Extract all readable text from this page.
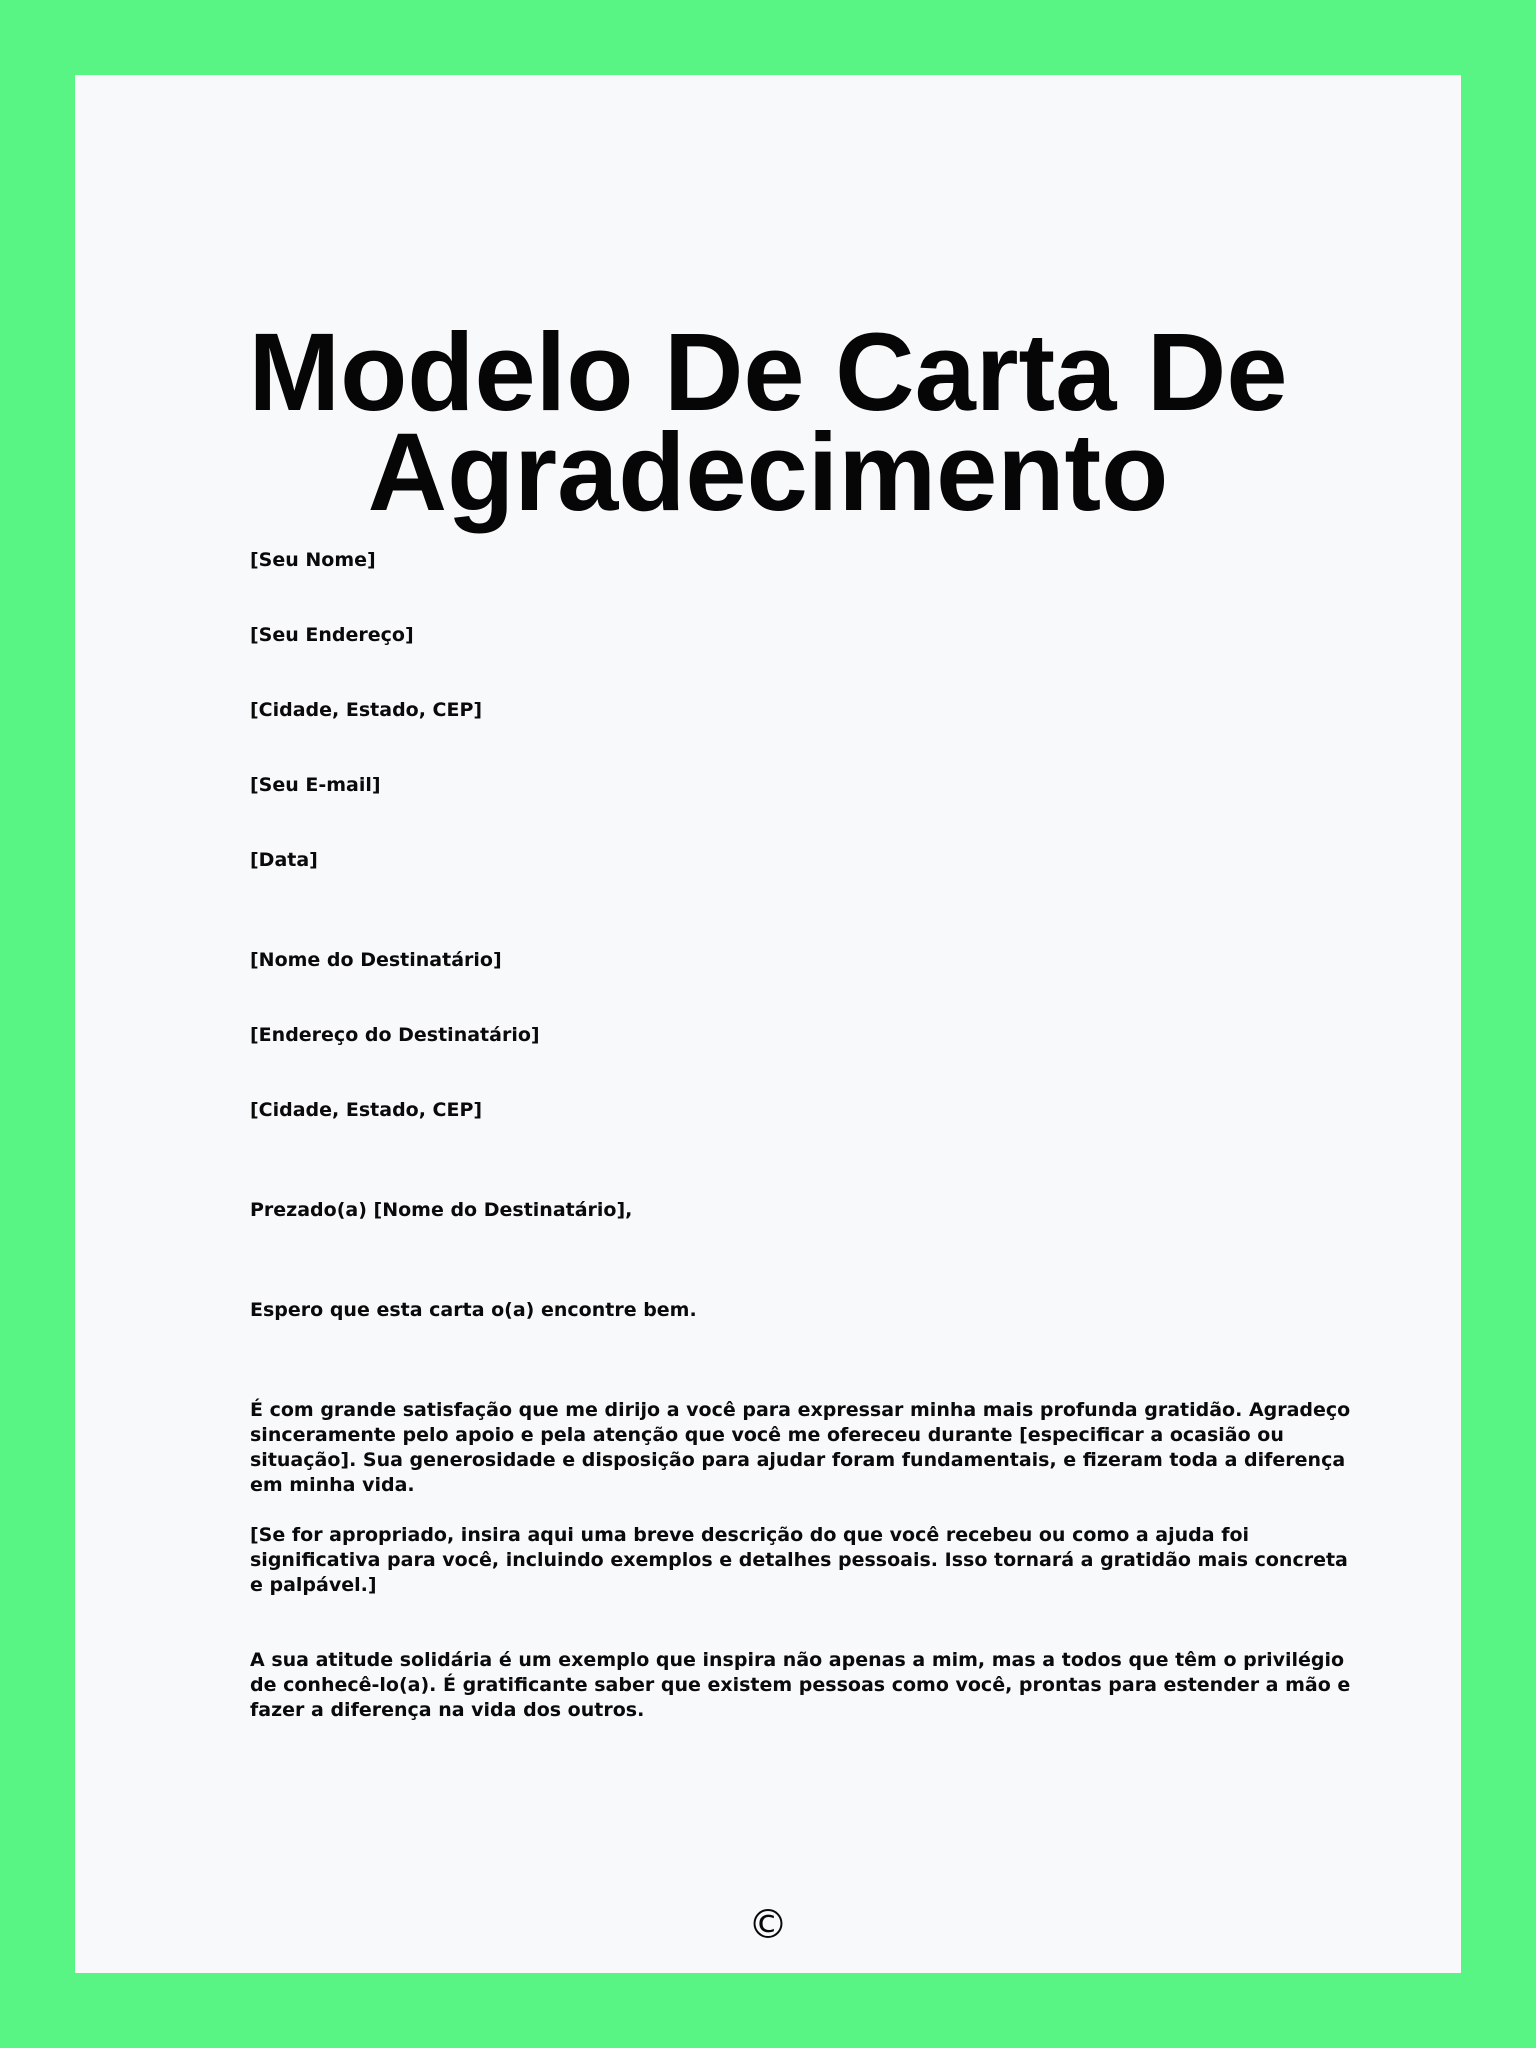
Modelo De Carta De Agradecimento

[Seu Nome]

[Seu Endereço]

[Cidade, Estado, CEP]

[Seu E-mail]

[Data]

[Nome do Destinatário]

[Endereço do Destinatário]

[Cidade, Estado, CEP]

Prezado(a) [Nome do Destinatário],

Espero que esta carta o(a) encontre bem.

É com grande satisfação que me dirijo a você para expressar minha mais profunda gratidão. Agradeço sinceramente pelo apoio e pela atenção que você me ofereceu durante [especificar a ocasião ou situação]. Sua generosidade e disposição para ajudar foram fundamentais, e fizeram toda a diferença em minha vida.

[Se for apropriado, insira aqui uma breve descrição do que você recebeu ou como a ajuda foi significativa para você, incluindo exemplos e detalhes pessoais. Isso tornará a gratidão mais concreta e palpável.]

A sua atitude solidária é um exemplo que inspira não apenas a mim, mas a todos que têm o privilégio de conhecê-lo(a). É gratificante saber que existem pessoas como você, prontas para estender a mão e fazer a diferença na vida dos outros.

©
